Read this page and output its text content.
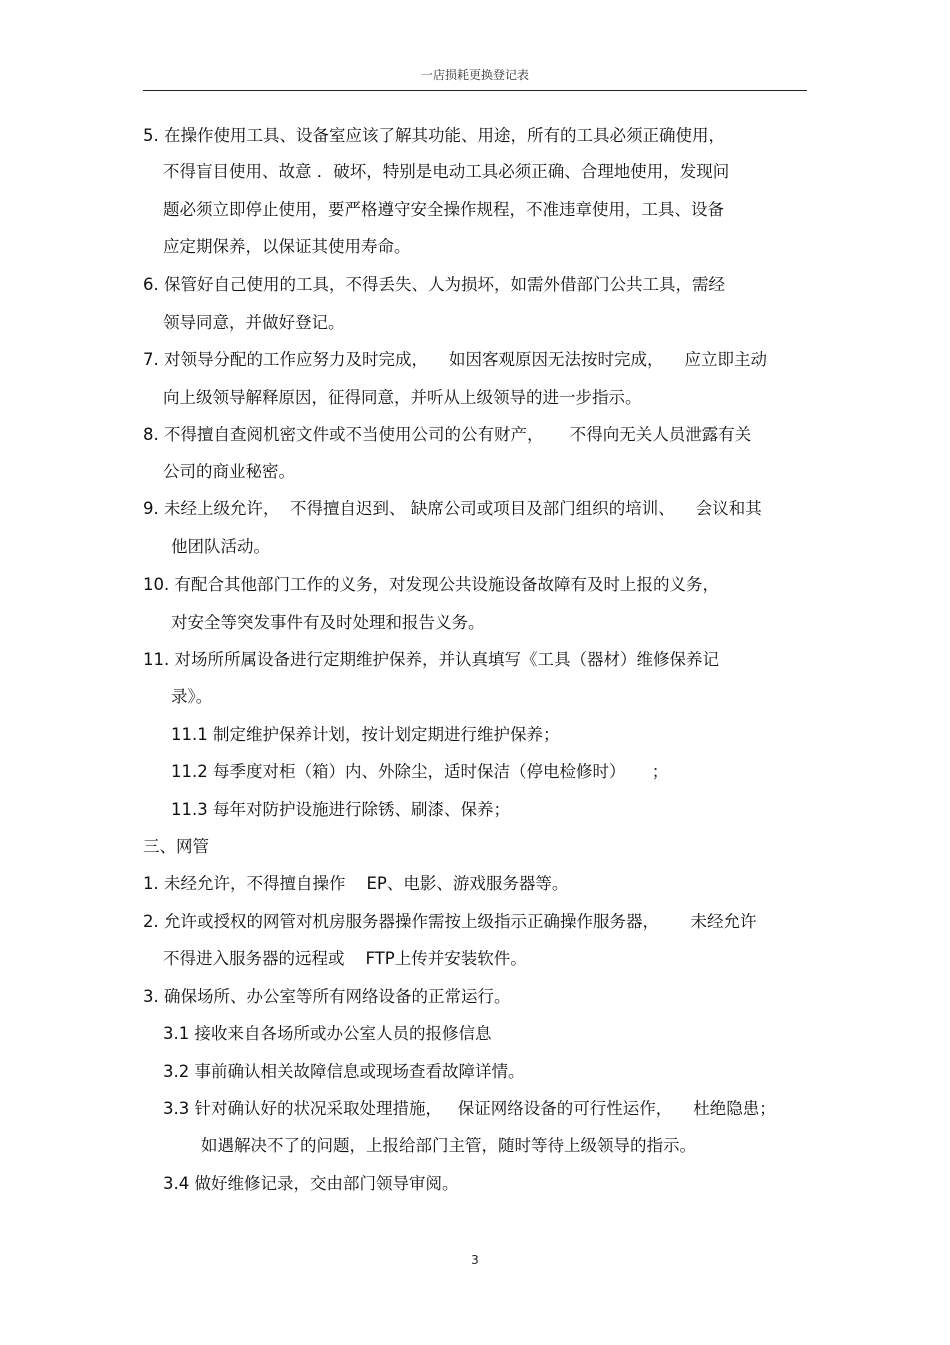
一店损耗更换登记表
5. 在操作使用工具、设备室应该了解其功能、用途，所有的工具必须正确使用，
不得盲目使用、故意 ．破坏，特别是电动工具必须正确、合理地使用，发现问
题必须立即停止使用，要严格遵守安全操作规程，不准违章使用，工具、设备
应定期保养，以保证其使用寿命。
6. 保管好自己使用的工具，不得丢失、人为损坏，如需外借部门公共工具，需经
领导同意，并做好登记。
7. 对领导分配的工作应努力及时完成，    如因客观原因无法按时完成，    应立即主动
向上级领导解释原因，征得同意，并听从上级领导的进一步指示。
8. 不得擅自查阅机密文件或不当使用公司的公有财产，     不得向无关人员泄露有关
公司的商业秘密。
9. 未经上级允许，  不得擅自迟到、 缺席公司或项目及部门组织的培训、    会议和其
他团队活动。
10. 有配合其他部门工作的义务，对发现公共设施设备故障有及时上报的义务，
对安全等突发事件有及时处理和报告义务。
11. 对场所所属设备进行定期维护保养，并认真填写《工具（器材）维修保养记
录》。
11.1 制定维护保养计划，按计划定期进行维护保养；
11.2 每季度对柜（箱）内、外除尘，适时保洁（停电检修时）     ；
11.3 每年对防护设施进行除锈、刷漆、保养；
三、网管
1. 未经允许，不得擅自操作    EP、电影、游戏服务器等。
2. 允许或授权的网管对机房服务器操作需按上级指示正确操作服务器，      未经允许
不得进入服务器的远程或    FTP上传并安装软件。
3. 确保场所、办公室等所有网络设备的正常运行。
3.1 接收来自各场所或办公室人员的报修信息
3.2 事前确认相关故障信息或现场查看故障详情。
3.3 针对确认好的状况采取处理措施，   保证网络设备的可行性运作，    杜绝隐患；
如遇解决不了的问题，上报给部门主管，随时等待上级领导的指示。
3.4 做好维修记录，交由部门领导审阅。
3
